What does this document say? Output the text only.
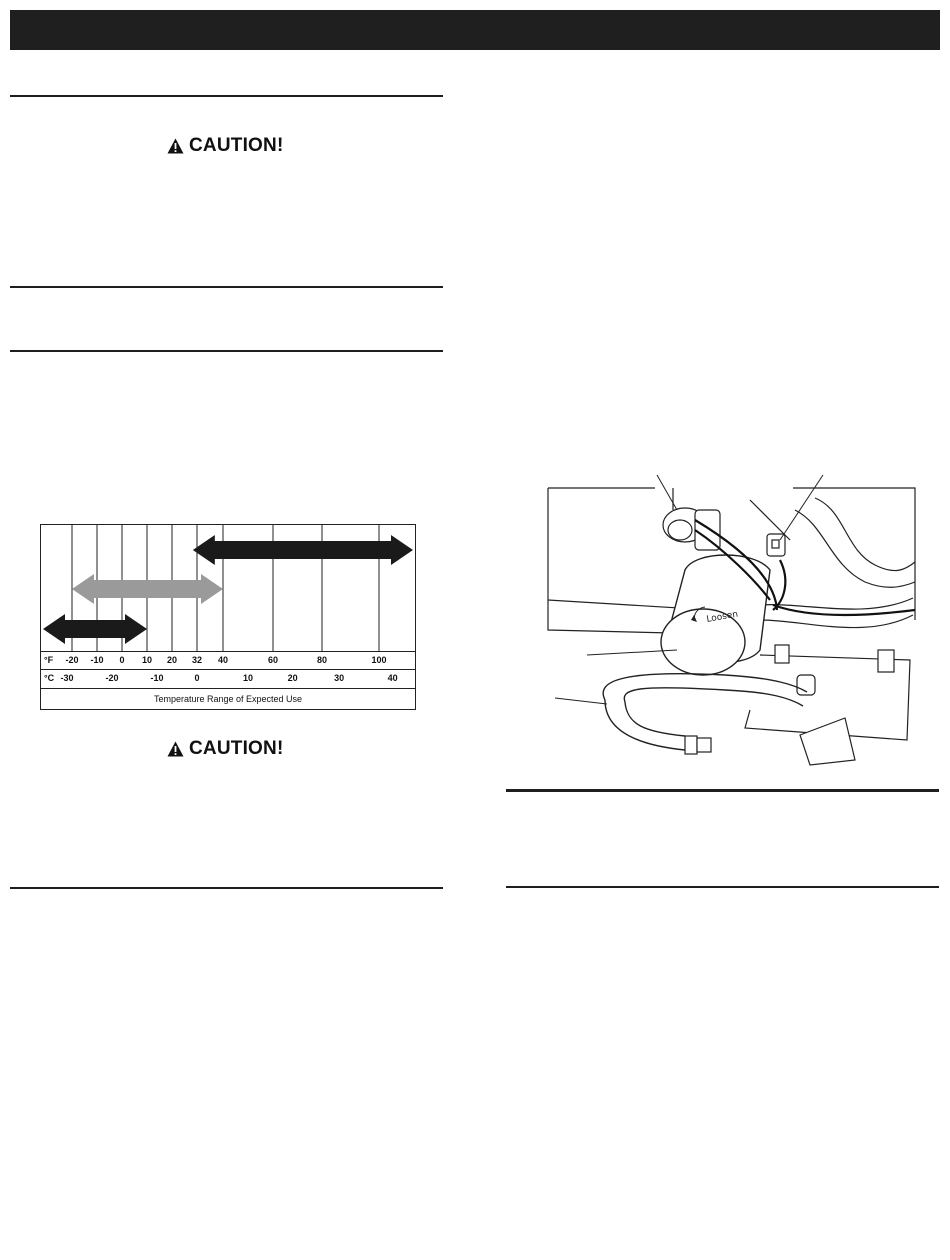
CAUTION!
°F -20 -10 0 10 20 32 40	60	80	100
°C -30	-20	-10	0	10	20	30	40
Temperature Range of Expected Use
CAUTION!
Loosen
